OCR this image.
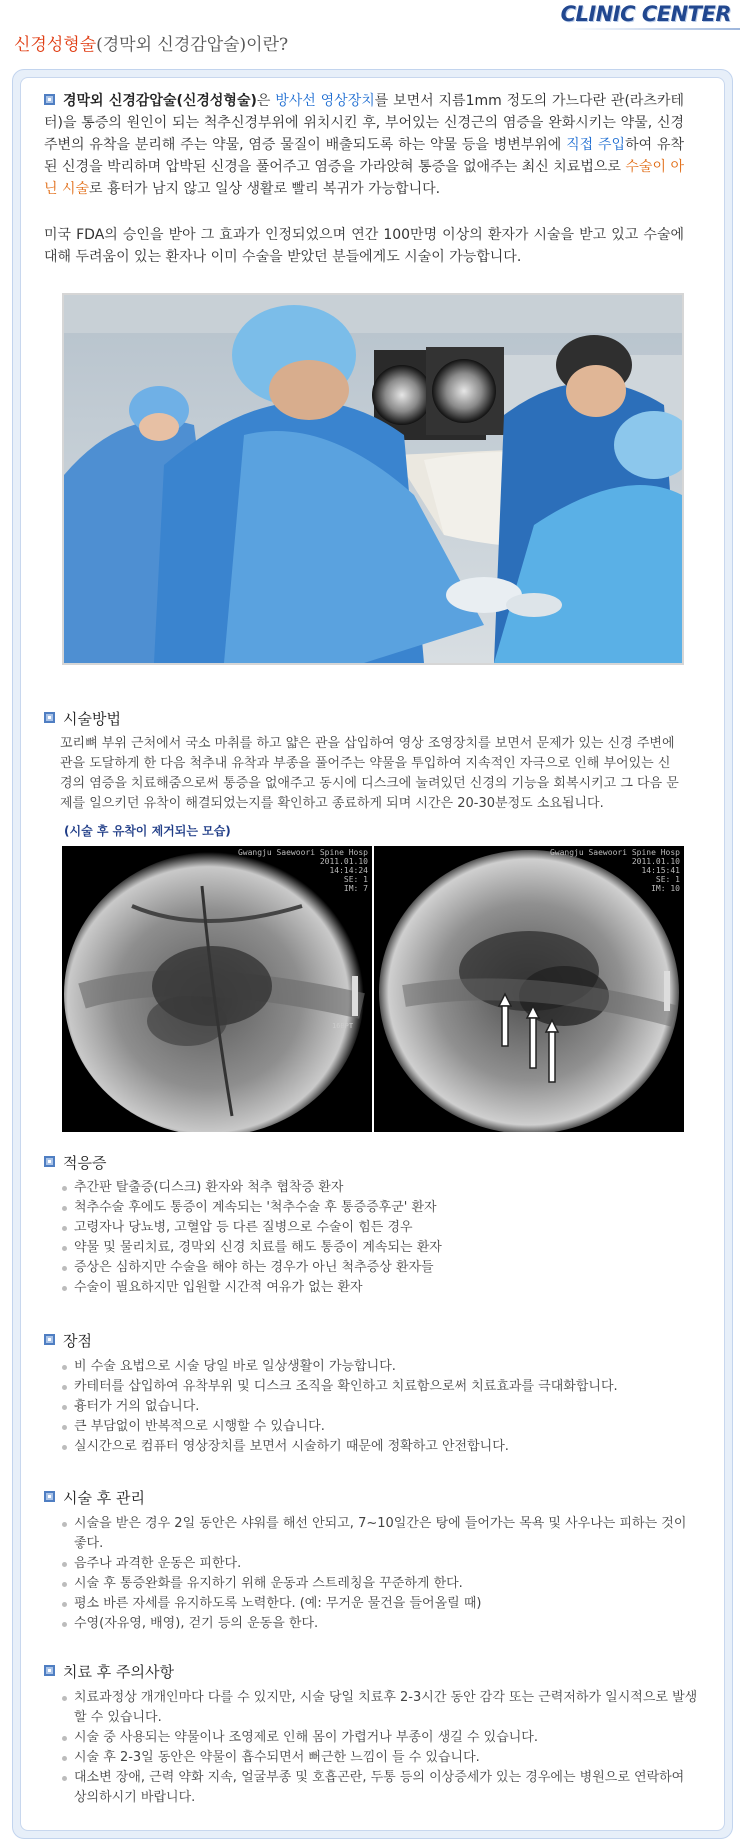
CLINIC CENTER
신경성형술(경막외 신경감압술)이란?
경막외 신경감압술(신경성형술)은 방사선 영상장치를 보면서 지름1mm 정도의 가느다란 관(라츠카테터)을 통증의 원인이 되는 척추신경부위에 위치시킨 후, 부어있는 신경근의 염증을 완화시키는 약물, 신경주변의 유착을 분리해 주는 약물, 염증 물질이 배출되도록 하는 약물 등을 병변부위에 직접 주입하여 유착된 신경을 박리하며 압박된 신경을 풀어주고 염증을 가라앉혀 통증을 없애주는 최신 치료법으로 수술이 아닌 시술로 흉터가 남지 않고 일상 생활로 빨리 복귀가 가능합니다.
미국 FDA의 승인을 받아 그 효과가 인정되었으며 연간 100만명 이상의 환자가 시술을 받고 있고 수술에 대해 두려움이 있는 환자나 이미 수술을 받았던 분들에게도 시술이 가능합니다.
시술방법
꼬리뼈 부위 근처에서 국소 마취를 하고 얇은 관을 삽입하여 영상 조영장치를 보면서 문제가 있는 신경 주변에 관을 도달하게 한 다음 척추내 유착과 부종을 풀어주는 약물을 투입하여 지속적인 자극으로 인해 부어있는 신경의 염증을 치료해줌으로써 통증을 없애주고 동시에 디스크에 눌려있던 신경의 기능을 회복시키고 그 다음 문제를 일으키던 유착이 해결되었는지를 확인하고 종료하게 되며 시간은 20-30분정도 소요됩니다.
(시술 후 유착이 제거되는 모습)
Gwangju Saewoori Spine Hosp
2011.01.10
14:14:24
SE: 1
IM: 7
16BPT
Gwangju Saewoori Spine Hosp
2011.01.10
14:15:41
SE: 1
IM: 10
적응증
추간판 탈출증(디스크) 환자와 척추 협착증 환자
척추수술 후에도 통증이 계속되는 '척추수술 후 통증증후군' 환자
고령자나 당뇨병, 고혈압 등 다른 질병으로 수술이 힘든 경우
약물 및 물리치료, 경막외 신경 치료를 해도 통증이 계속되는 환자
증상은 심하지만 수술을 해야 하는 경우가 아닌 척추증상 환자들
수술이 필요하지만 입원할 시간적 여유가 없는 환자
장점
비 수술 요법으로 시술 당일 바로 일상생활이 가능합니다.
카테터를 삽입하여 유착부위 및 디스크 조직을 확인하고 치료함으로써 치료효과를 극대화합니다.
흉터가 거의 없습니다.
큰 부담없이 반복적으로 시행할 수 있습니다.
실시간으로 컴퓨터 영상장치를 보면서 시술하기 때문에 정확하고 안전합니다.
시술 후 관리
시술을 받은 경우 2일 동안은 샤워를 해선 안되고, 7~10일간은 탕에 들어가는 목욕 및 사우나는 피하는 것이 좋다.
음주나 과격한 운동은 피한다.
시술 후 통증완화를 유지하기 위해 운동과 스트레칭을 꾸준하게 한다.
평소 바른 자세를 유지하도록 노력한다. (예: 무거운 물건을 들어올릴 때)
수영(자유영, 배영), 걷기 등의 운동을 한다.
치료 후 주의사항
치료과정상 개개인마다 다를 수 있지만, 시술 당일 치료후 2-3시간 동안 감각 또는 근력저하가 일시적으로 발생할 수 있습니다.
시술 중 사용되는 약물이나 조영제로 인해 몸이 가렵거나 부종이 생길 수 있습니다.
시술 후 2-3일 동안은 약물이 흡수되면서 뻐근한 느낌이 들 수 있습니다.
대소변 장애, 근력 약화 지속, 얼굴부종 및 호흡곤란, 두통 등의 이상증세가 있는 경우에는 병원으로 연락하여 상의하시기 바랍니다.
